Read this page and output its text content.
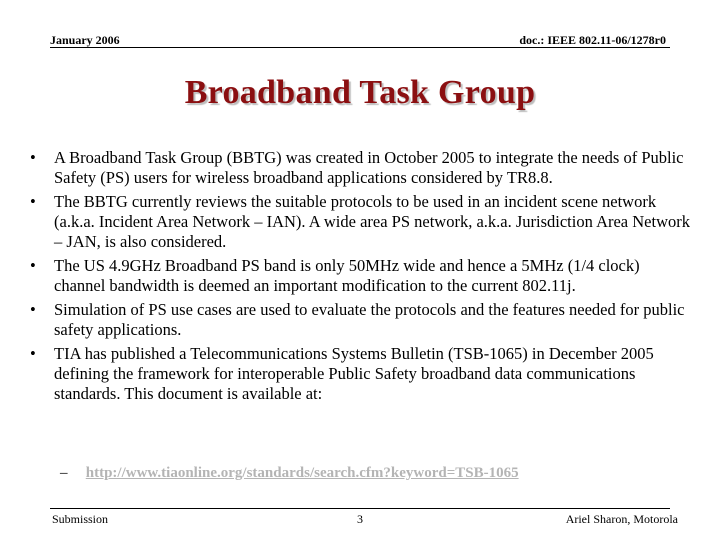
January 2006	doc.: IEEE 802.11-06/1278r0
Broadband Task Group
•	A Broadband Task Group (BBTG) was created in October 2005 to integrate the needs of Public Safety (PS) users for wireless broadband applications considered by TR8.8.
•	The BBTG currently reviews the suitable protocols to be used in an incident scene network (a.k.a. Incident Area Network – IAN). A wide area PS network, a.k.a. Jurisdiction Area Network – JAN, is also considered.
•	The US 4.9GHz Broadband PS band is only 50MHz wide and hence a 5MHz (1/4 clock) channel bandwidth is deemed an important modification to the current 802.11j.
•	Simulation of PS use cases are used to evaluate the protocols and the features needed for public safety applications.
•	TIA has published a Telecommunications Systems Bulletin (TSB-1065) in December 2005 defining the framework for interoperable Public Safety broadband data communications standards. This document is available at:
– http://www.tiaonline.org/standards/search.cfm?keyword=TSB-1065
Submission	3	Ariel Sharon, Motorola
